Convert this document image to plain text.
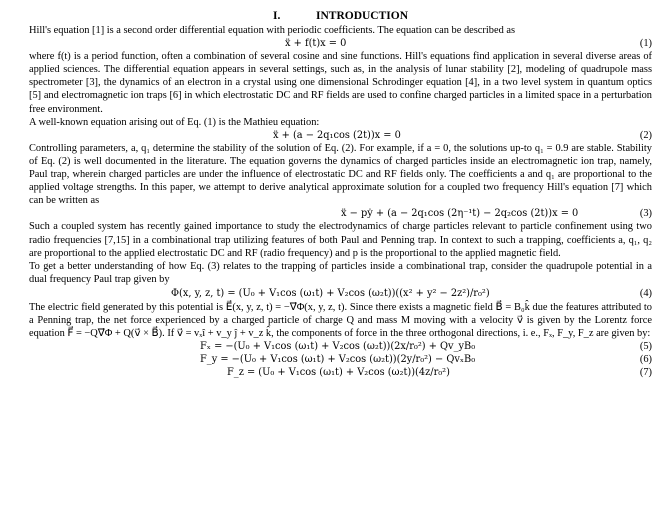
I.	INTRODUCTION

Hill's equation [1] is a second order differential equation with periodic coefficients. The equation can be described as

ẍ + f(t)x = 0	(1)

where f(t) is a period function, often a combination of several cosine and sine functions. Hill's equations find application in several diverse areas of applied sciences. The differential equation appears in several settings, such as, in the analysis of lunar stability [2], modeling of quadrupole mass spectrometer [3], the dynamics of an electron in a crystal using one dimensional Schrodinger equation [4], in a two level system in quantum optics [5] and electromagnetic ion traps [6] in which electrostatic DC and RF fields are used to confine charged particles in a limited space in a perturbation free environment.

A well-known equation arising out of Eq. (1) is the Mathieu equation:

ẍ + (a − 2q₁cos (2t))x = 0	(2)

Controlling parameters, a, q₁ determine the stability of the solution of Eq. (2). For example, if a = 0, the solutions up-to q₁ = 0.9 are stable. Stability of Eq. (2) is well documented in the literature. The equation governs the dynamics of charged particles inside an electromagnetic ion trap, namely, Paul trap, wherein charged particles are under the influence of electrostatic DC and RF fields only. The coefficients a and q₁ are proportional to the applied voltage strengths. In this paper, we attempt to derive analytical approximate solution for a coupled two frequency Hill's equation [7] which can be written as

ẍ − pẏ + (a − 2q₁cos (2η⁻¹t) − 2q₂cos (2t))x = 0	(3)

Such a coupled system has recently gained importance to study the electrodynamics of charge particles relevant to particle confinement using two radio frequencies [7,15] in a combinational trap utilizing features of both Paul and Penning trap. In context to such a trapping, coefficients a, q₁, q₂ are proportional to the applied electrostatic DC and RF (radio frequency) and p is the proportional to the applied magnetic field.

To get a better understanding of how Eq. (3) relates to the trapping of particles inside a combinational trap, consider the quadrupole potential in a dual frequency Paul trap given by

Φ(x, y, z, t) = (U₀ + V₁cos (ω₁t) + V₂cos (ω₂t))((x² + y² − 2z²)/r₀²)	(4)

The electric field generated by this potential is E⃗(x, y, z, t) = −∇⃗Φ(x, y, z, t). Since there exists a magnetic field B⃗ = B₀k̂ due the features attributed to a Penning trap, the net force experienced by a charged particle of charge Q and mass M moving with a velocity v⃗ is given by the Lorentz force equation F⃗ = −Q∇⃗Φ + Q(v⃗ × B⃗). If v⃗ = vₓî + v_y ĵ + v_z k̂, the components of force in the three orthogonal directions, i. e., Fₓ, F_y, F_z are given by:

Fₓ = −(U₀ + V₁cos (ω₁t) + V₂cos (ω₂t))(2x/r₀²) + Qv_yB₀	(5)
F_y = −(U₀ + V₁cos (ω₁t) + V₂cos (ω₂t))(2y/r₀²) − QvₓB₀	(6)
F_z = (U₀ + V₁cos (ω₁t) + V₂cos (ω₂t))(4z/r₀²)	(7)
